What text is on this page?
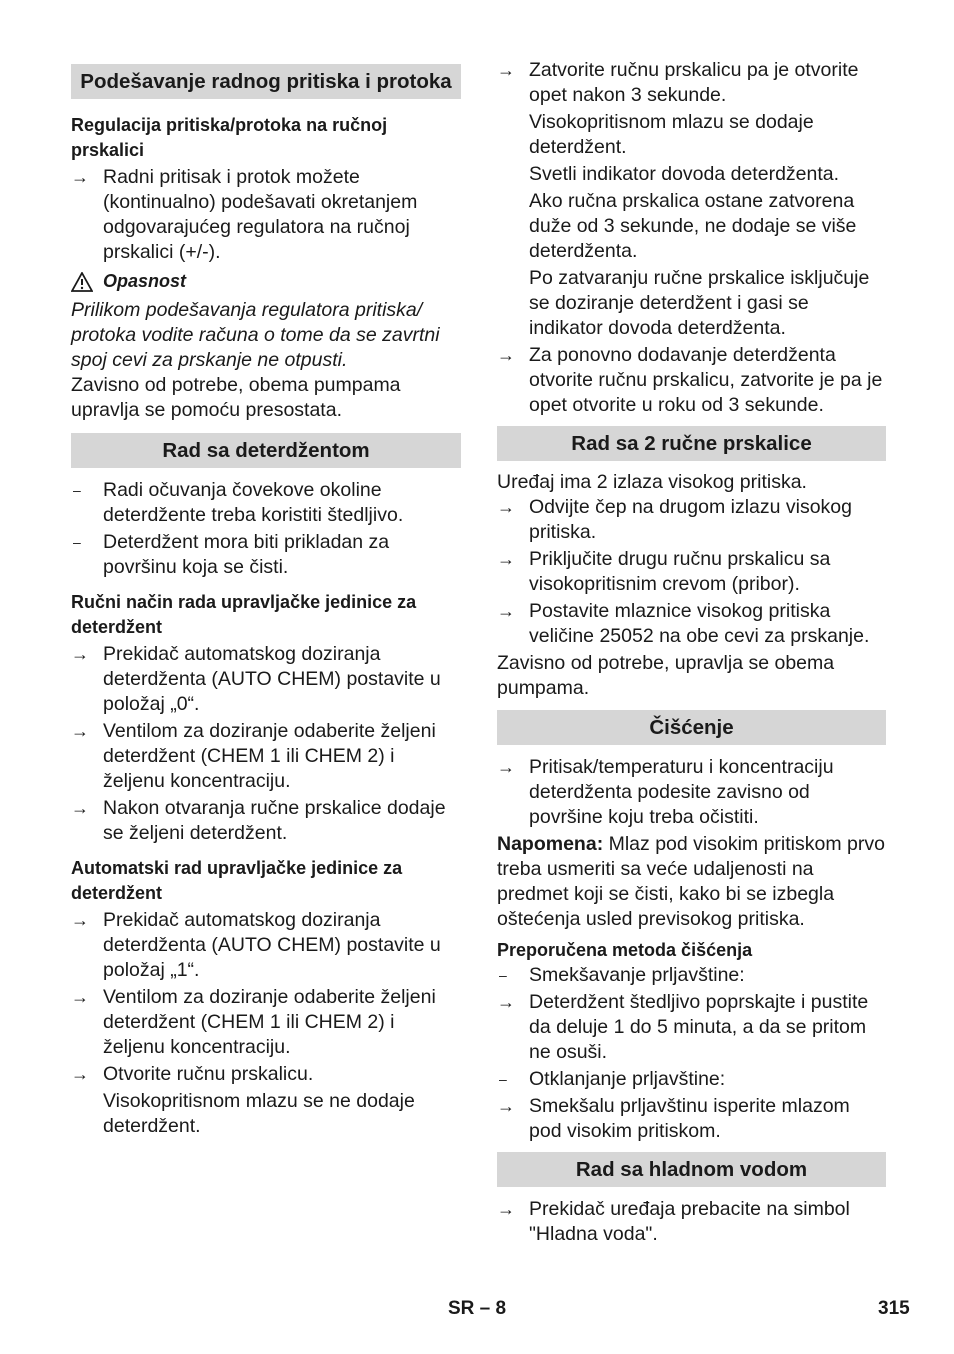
Podešavanje radnog pritiska i protoka
Regulacija pritiska/protoka na ručnoj prskalici
→ Radni pritisak i protok možete (kontinualno) podešavati okretanjem odgovarajućeg regulatora na ručnoj prskalici (+/-).
Opasnost
Prilikom podešavanja regulatora pritiska/ protoka vodite računa o tome da se zavrtni spoj cevi za prskanje ne otpusti.
Zavisno od potrebe, obema pumpama upravlja se pomoću presostata.
Rad sa deterdžentom
–	Radi očuvanja čovekove okoline deterdžente treba koristiti štedljivo.
–	Deterdžent mora biti prikladan za površinu koja se čisti.
Ručni način rada upravljačke jedinice za deterdžent
→ Prekidač automatskog doziranja deterdženta (AUTO CHEM) postavite u položaj „0“.
→ Ventilom za doziranje odaberite željeni deterdžent (CHEM 1 ili CHEM 2) i željenu koncentraciju.
→ Nakon otvaranja ručne prskalice dodaje se željeni deterdžent.
Automatski rad upravljačke jedinice za deterdžent
→ Prekidač automatskog doziranja deterdženta (AUTO CHEM) postavite u položaj „1“.
→ Ventilom za doziranje odaberite željeni deterdžent (CHEM 1 ili CHEM 2) i željenu koncentraciju.
→ Otvorite ručnu prskalicu.
Visokopritisnom mlazu se ne dodaje deterdžent.
→ Zatvorite ručnu prskalicu pa je otvorite opet nakon 3 sekunde.
Visokopritisnom mlazu se dodaje deterdžent.
Svetli indikator dovoda deterdženta.
Ako ručna prskalica ostane zatvorena duže od 3 sekunde, ne dodaje se više deterdženta.
Po zatvaranju ručne prskalice isključuje se doziranje deterdžent i gasi se indikator dovoda deterdženta.
→ Za ponovno dodavanje deterdženta otvorite ručnu prskalicu, zatvorite je pa je opet otvorite u roku od 3 sekunde.
Rad sa 2 ručne prskalice
Uređaj ima 2 izlaza visokog pritiska.
→ Odvijte čep na drugom izlazu visokog pritiska.
→ Priključite drugu ručnu prskalicu sa visokopritisnim crevom (pribor).
→ Postavite mlaznice visokog pritiska veličine 25052 na obe cevi za prskanje.
Zavisno od potrebe, upravlja se obema pumpama.
Čišćenje
→ Pritisak/temperaturu i koncentraciju deterdženta podesite zavisno od površine koju treba očistiti.
Napomena: Mlaz pod visokim pritiskom prvo treba usmeriti sa veće udaljenosti na predmet koji se čisti, kako bi se izbegla oštećenja usled previsokog pritiska.
Preporučena metoda čišćenja
–	Smekšavanje prljavštine:
→ Deterdžent štedljivo poprskajte i pustite da deluje 1 do 5 minuta, a da se pritom ne osuši.
–	Otklanjanje prljavštine:
→ Smekšalu prljavštinu isperite mlazom pod visokim pritiskom.
Rad sa hladnom vodom
→ Prekidač uređaja prebacite na simbol "Hladna voda".
SR – 8	315
